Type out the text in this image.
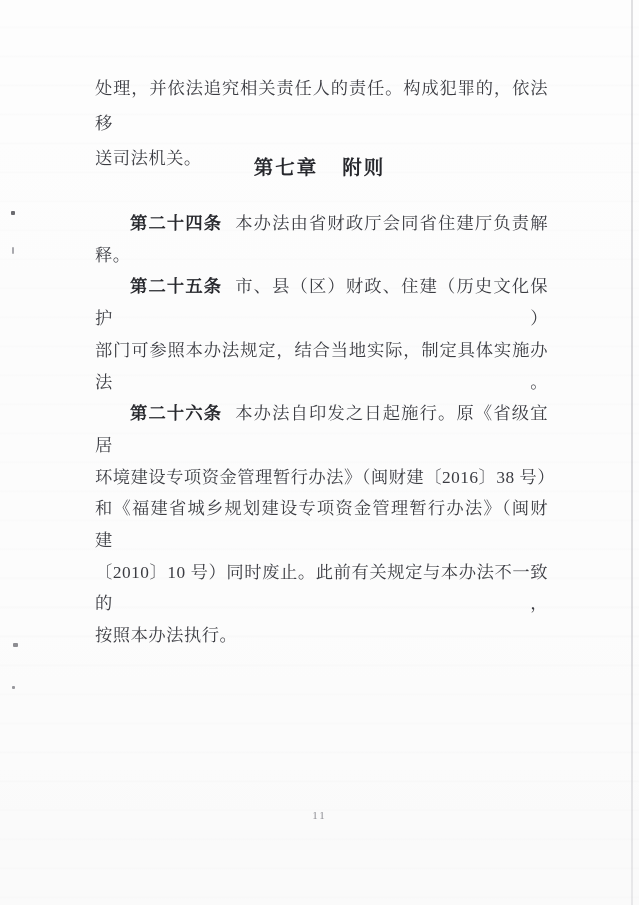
处理，并依法追究相关责任人的责任。构成犯罪的，依法移
送司法机关。	第七章 附则
第二十四条 本办法由省财政厅会同省住建厅负责解
释。
第二十五条 市、县（区）财政、住建（历史文化保护）
部门可参照本办法规定，结合当地实际，制定具体实施办法。
第二十六条 本办法自印发之日起施行。原《省级宜居
环境建设专项资金管理暂行办法》（闽财建〔2016〕38 号）
和《福建省城乡规划建设专项资金管理暂行办法》（闽财建
〔2010〕10 号）同时废止。此前有关规定与本办法不一致的，
按照本办法执行。
11
